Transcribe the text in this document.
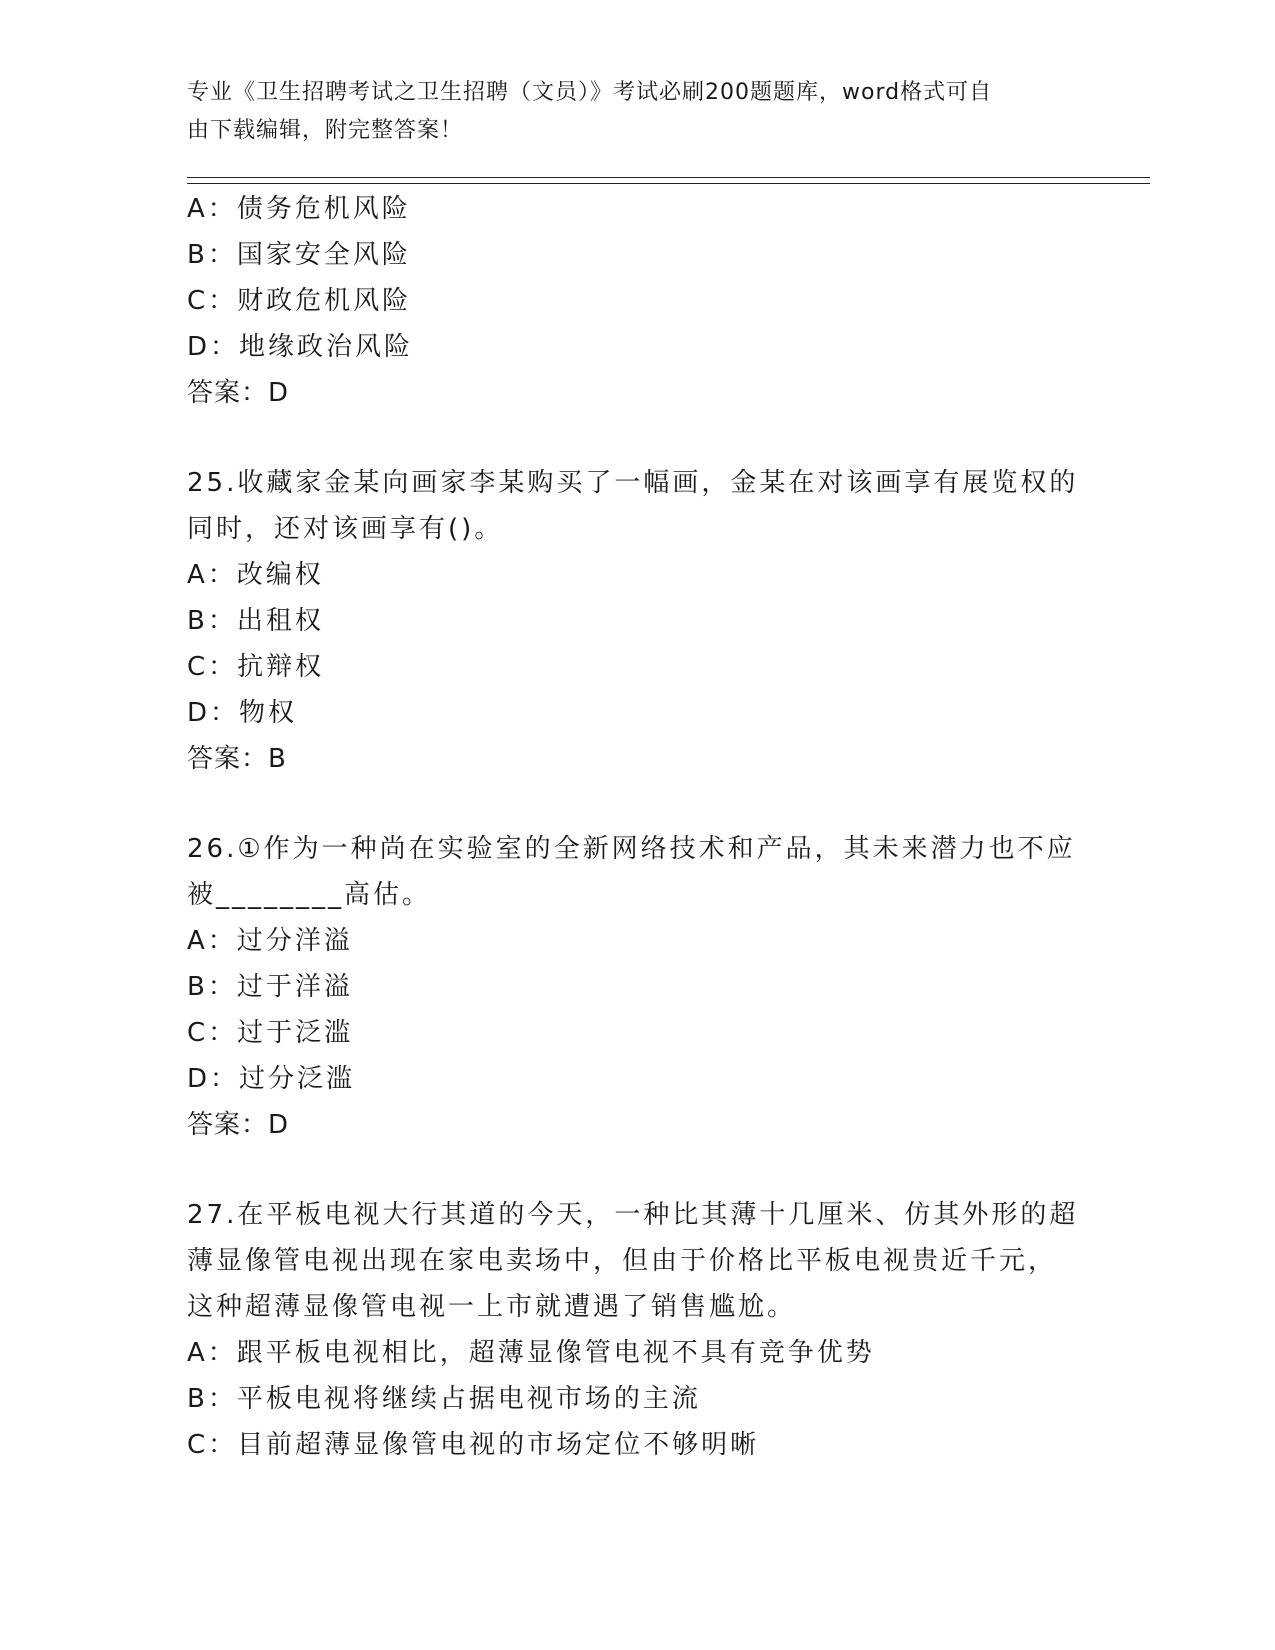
专业《卫生招聘考试之卫生招聘（文员）》考试必刷200题题库，word格式可自
由下载编辑，附完整答案！
A：债务危机风险
B：国家安全风险
C：财政危机风险
D：地缘政治风险
答案：D
25.收藏家金某向画家李某购买了一幅画，金某在对该画享有展览权的
同时，还对该画享有()。
A：改编权
B：出租权
C：抗辩权
D：物权
答案：B
26.①作为一种尚在实验室的全新网络技术和产品，其未来潜力也不应
被________高估。
A：过分洋溢
B：过于洋溢
C：过于泛滥
D：过分泛滥
答案：D
27.在平板电视大行其道的今天，一种比其薄十几厘米、仿其外形的超
薄显像管电视出现在家电卖场中，但由于价格比平板电视贵近千元，
这种超薄显像管电视一上市就遭遇了销售尴尬。
A：跟平板电视相比，超薄显像管电视不具有竞争优势
B：平板电视将继续占据电视市场的主流
C：目前超薄显像管电视的市场定位不够明晰
